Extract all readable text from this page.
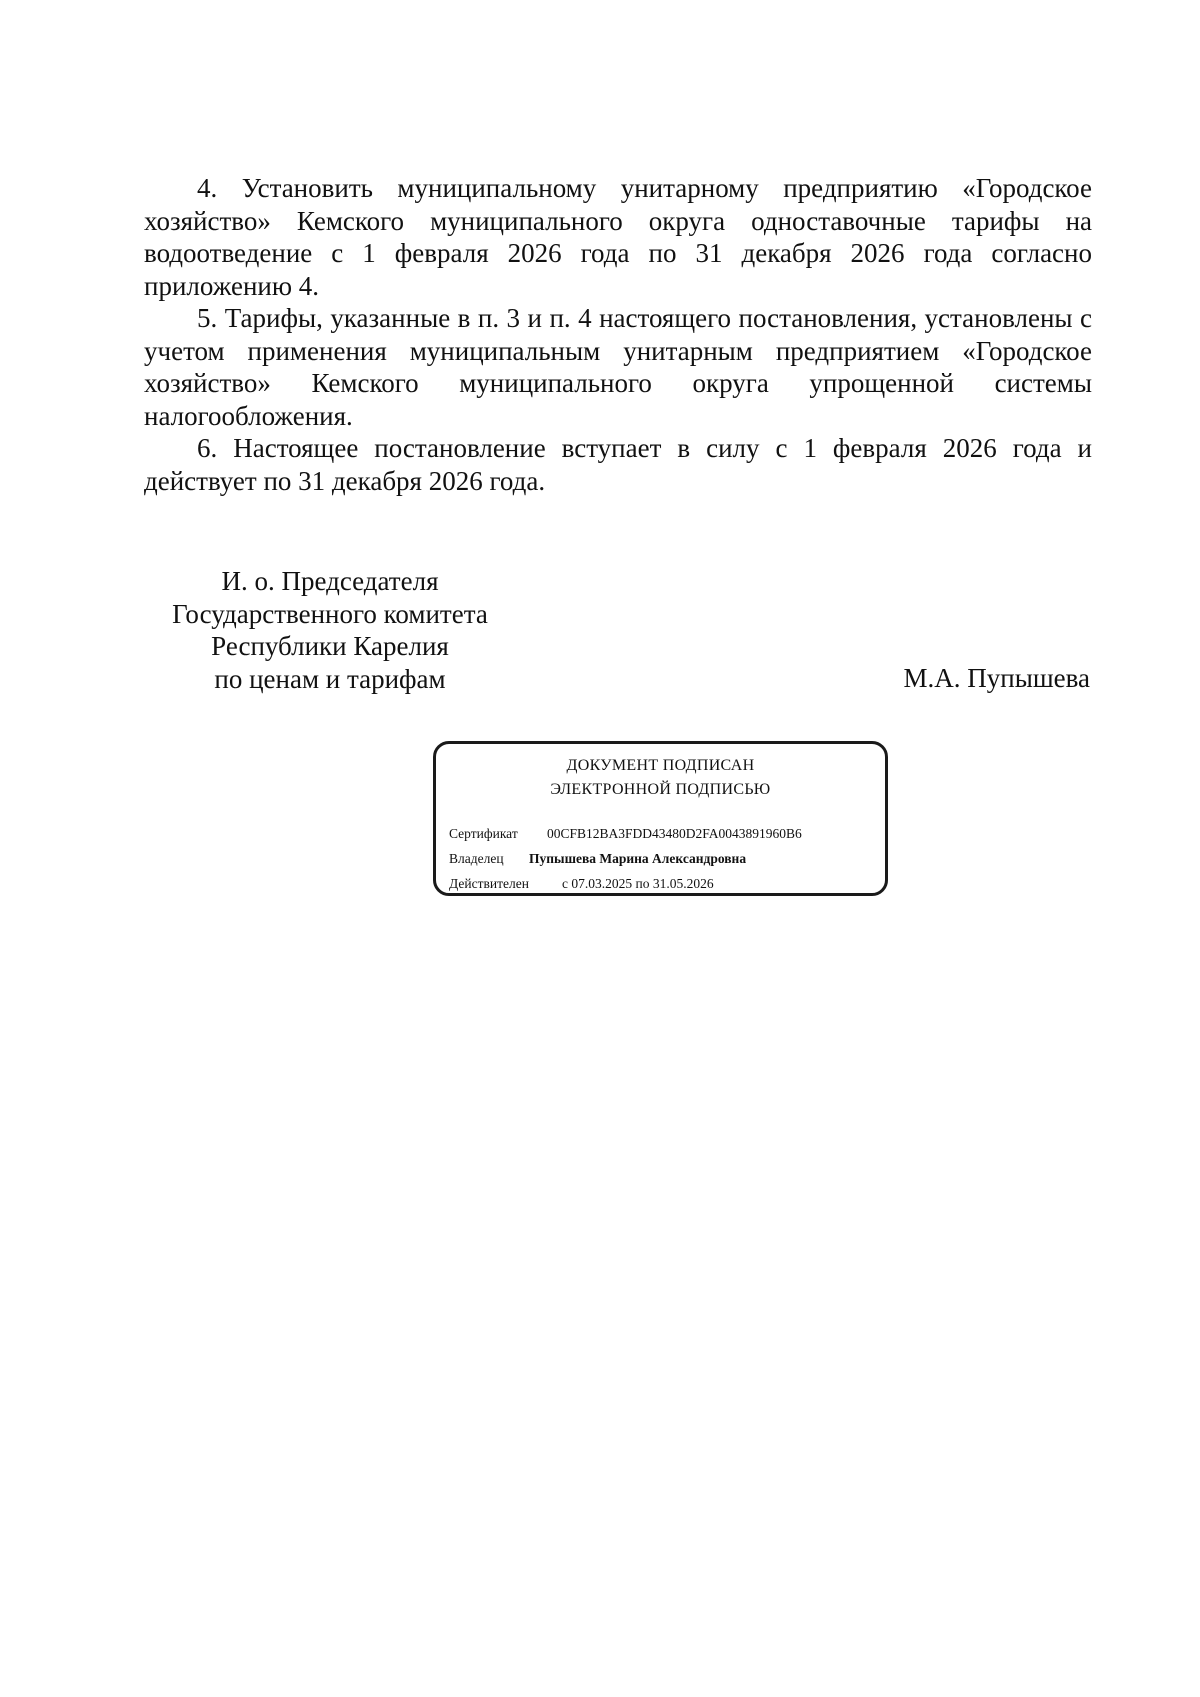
4. Установить муниципальному унитарному предприятию «Городское хозяйство» Кемского муниципального округа одноставочные тарифы на водоотведение с 1 февраля 2026 года по 31 декабря 2026 года согласно приложению 4.

5. Тарифы, указанные в п. 3 и п. 4 настоящего постановления, установлены с учетом применения муниципальным унитарным предприятием «Городское хозяйство» Кемского муниципального округа упрощенной системы налогообложения.

6. Настоящее постановление вступает в силу с 1 февраля 2026 года и действует по 31 декабря 2026 года.

И. о. Председателя
Государственного комитета
Республики Карелия
по ценам и тарифам	М.А. Пупышева
ДОКУМЕНТ ПОДПИСАН
ЭЛЕКТРОННОЙ ПОДПИСЬЮ
Сертификат 00CFB12BA3FDD43480D2FA0043891960B6
Владелец Пупышева Марина Александровна
Действителен с 07.03.2025 по 31.05.2026
